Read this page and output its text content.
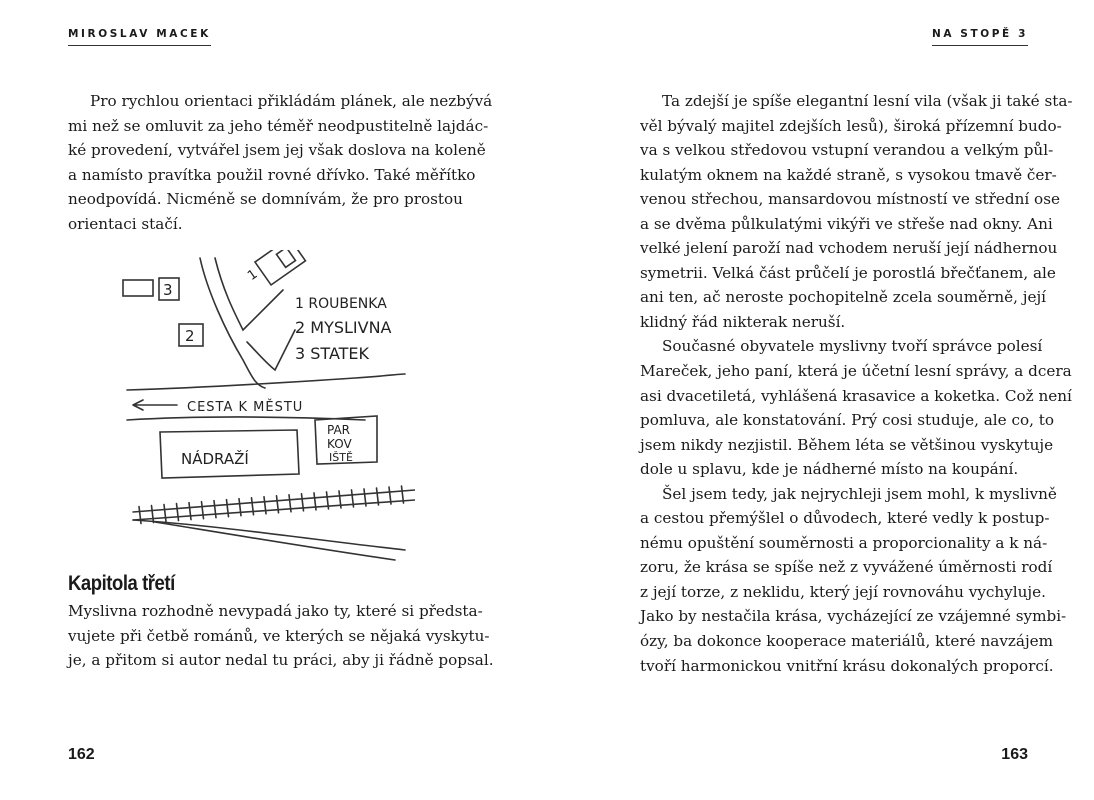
MIROSLAV MACEK	NA STOPĚ 3
Pro rychlou orientaci přikládám plánek, ale nezbývá
mi než se omluvit za jeho téměř neodpustitelně lajdác-
ké provedení, vytvářel jsem jej však doslova na koleně
a namísto pravítka použil rovné dřívko. Také měřítko
neodpovídá. Nicméně se domnívám, že pro prostou
orientaci stačí.
1
3
2
CESTA K MĚSTU
1 ROUBENKA
2 MYSLIVNA
3 STATEK
NÁDRAŽÍ
PAR
KOV
IŠTĚ
Kapitola třetí
Myslivna rozhodně nevypadá jako ty, které si předsta-
vujete při četbě románů, ve kterých se nějaká vyskytu-
je, a přitom si autor nedal tu práci, aby ji řádně popsal.
Ta zdejší je spíše elegantní lesní vila (však ji také sta-
věl bývalý majitel zdejších lesů), široká přízemní budo-
va s velkou středovou vstupní verandou a velkým půl-
kulatým oknem na každé straně, s vysokou tmavě čer-
venou střechou, mansardovou místností ve střední ose
a se dvěma půlkulatými vikýři ve střeše nad okny. Ani
velké jelení paroží nad vchodem neruší její nádhernou
symetrii. Velká část průčelí je porostlá břečťanem, ale
ani ten, ač neroste pochopitelně zcela souměrně, její
klidný řád nikterak neruší.
Současné obyvatele myslivny tvoří správce polesí
Mareček, jeho paní, která je účetní lesní správy, a dcera
asi dvacetiletá, vyhlášená krasavice a koketka. Což není
pomluva, ale konstatování. Prý cosi studuje, ale co, to
jsem nikdy nezjistil. Během léta se většinou vyskytuje
dole u splavu, kde je nádherné místo na koupání.
Šel jsem tedy, jak nejrychleji jsem mohl, k myslivně
a cestou přemýšlel o důvodech, které vedly k postup-
nému opuštění souměrnosti a proporcionality a k ná-
zoru, že krása se spíše než z vyvážené úměrnosti rodí
z její torze, z neklidu, který její rovnováhu vychyluje.
Jako by nestačila krása, vycházející ze vzájemné symbi-
ózy, ba dokonce kooperace materiálů, které navzájem
tvoří harmonickou vnitřní krásu dokonalých proporcí.
162	163
